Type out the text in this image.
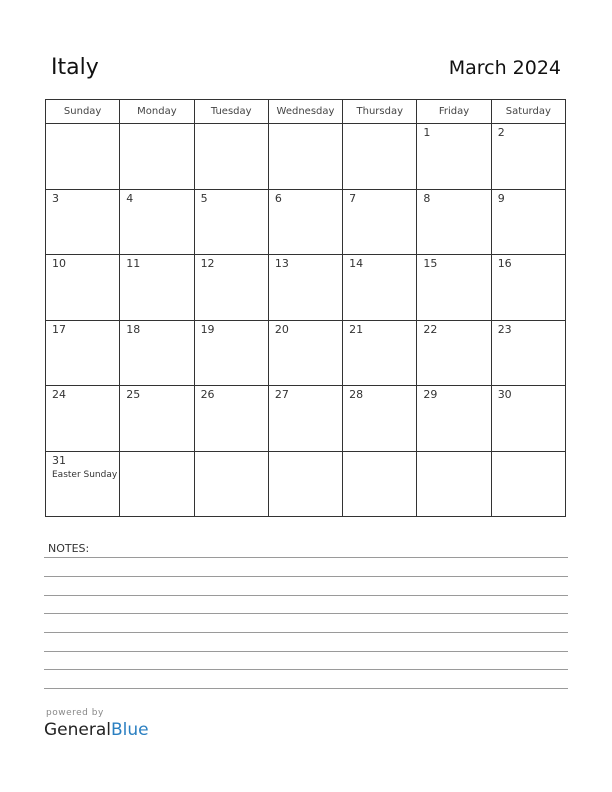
Italy	March 2024
Sunday	Monday	Tuesday	Wednesday	Thursday	Friday	Saturday

					1	2

3	4	5	6	7	8	9

10	11	12	13	14	15	16

17	18	19	20	21	22	23

24	25	26	27	28	29	30

31
Easter Sunday						

NOTES:
powered by
GeneralBlue
